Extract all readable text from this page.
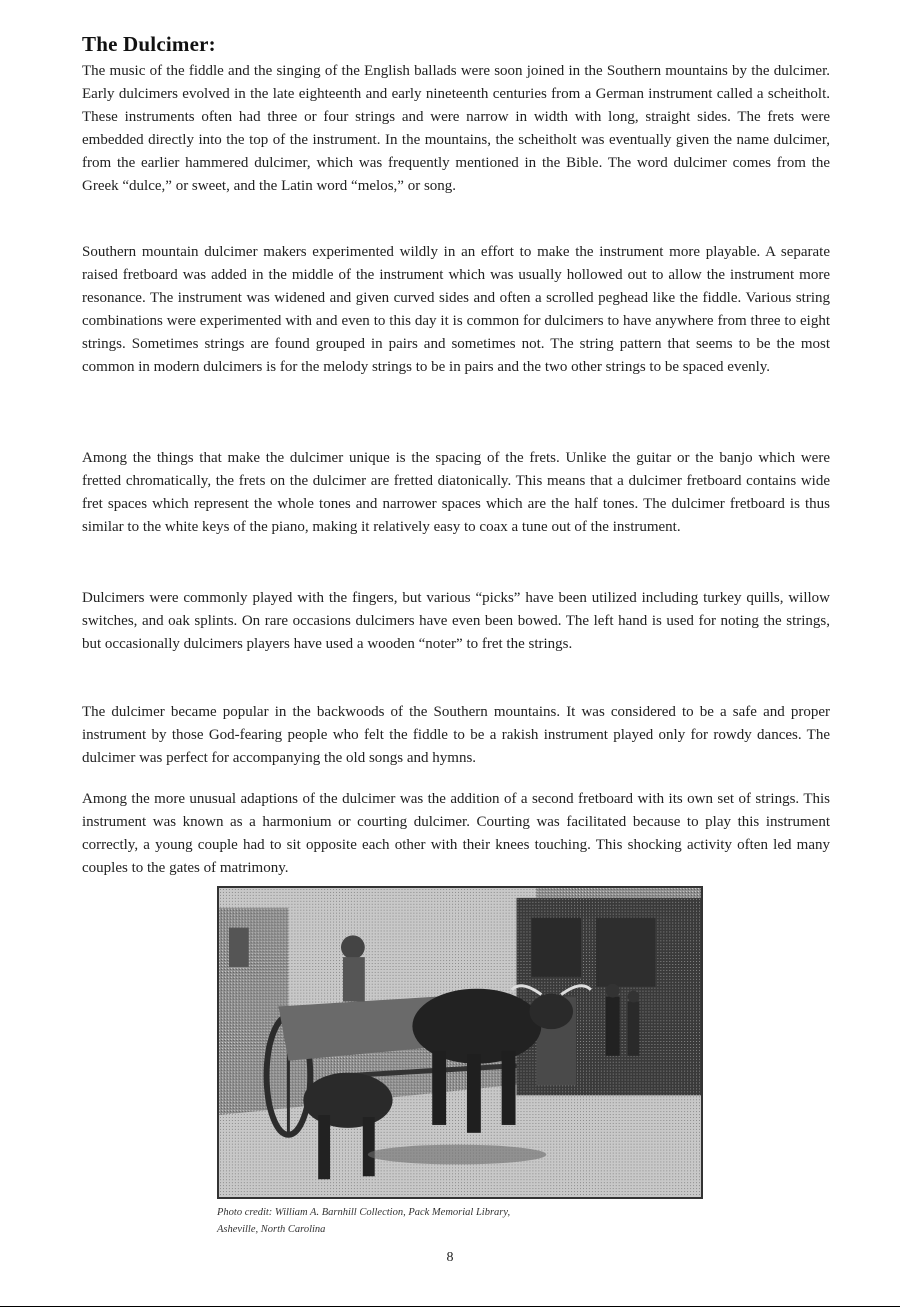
The Dulcimer:

The music of the fiddle and the singing of the English ballads were soon joined in the Southern mountains by the dulcimer. Early dulcimers evolved in the late eighteenth and early nineteenth centuries from a German instrument called a scheitholt. These instruments often had three or four strings and were narrow in width with long, straight sides. The frets were embedded directly into the top of the instrument. In the mountains, the scheitholt was eventually given the name dulcimer, from the earlier hammered dulcimer, which was frequently mentioned in the Bible. The word dulcimer comes from the Greek “dulce,” or sweet, and the Latin word “melos,” or song.

Southern mountain dulcimer makers experimented wildly in an effort to make the instrument more playable. A separate raised fretboard was added in the middle of the instrument which was usually hollowed out to allow the instrument more resonance. The instrument was widened and given curved sides and often a scrolled peghead like the fiddle. Various string combinations were experimented with and even to this day it is common for dulcimers to have anywhere from three to eight strings. Sometimes strings are found grouped in pairs and sometimes not. The string pattern that seems to be the most common in modern dulcimers is for the melody strings to be in pairs and the two other strings to be spaced evenly.

Among the things that make the dulcimer unique is the spacing of the frets. Unlike the guitar or the banjo which were fretted chromatically, the frets on the dulcimer are fretted diatonically. This means that a dulcimer fretboard contains wide fret spaces which represent the whole tones and narrower spaces which are the half tones. The dulcimer fretboard is thus similar to the white keys of the piano, making it relatively easy to coax a tune out of the instrument.

Dulcimers were commonly played with the fingers, but various “picks” have been utilized including turkey quills, willow switches, and oak splints. On rare occasions dulcimers have even been bowed. The left hand is used for noting the strings, but occasionally dulcimers players have used a wooden “noter” to fret the strings.

The dulcimer became popular in the backwoods of the Southern mountains. It was considered to be a safe and proper instrument by those God-fearing people who felt the fiddle to be a rakish instrument played only for rowdy dances. The dulcimer was perfect for accompanying the old songs and hymns.

Among the more unusual adaptions of the dulcimer was the addition of a second fretboard with its own set of strings. This instrument was known as a harmonium or courting dulcimer. Courting was facilitated because to play this instrument correctly, a young couple had to sit opposite each other with their knees touching. This shocking activity often led many couples to the gates of matrimony.

Photo credit: William A. Barnhill Collection, Pack Memorial Library,
Asheville, North Carolina
8
